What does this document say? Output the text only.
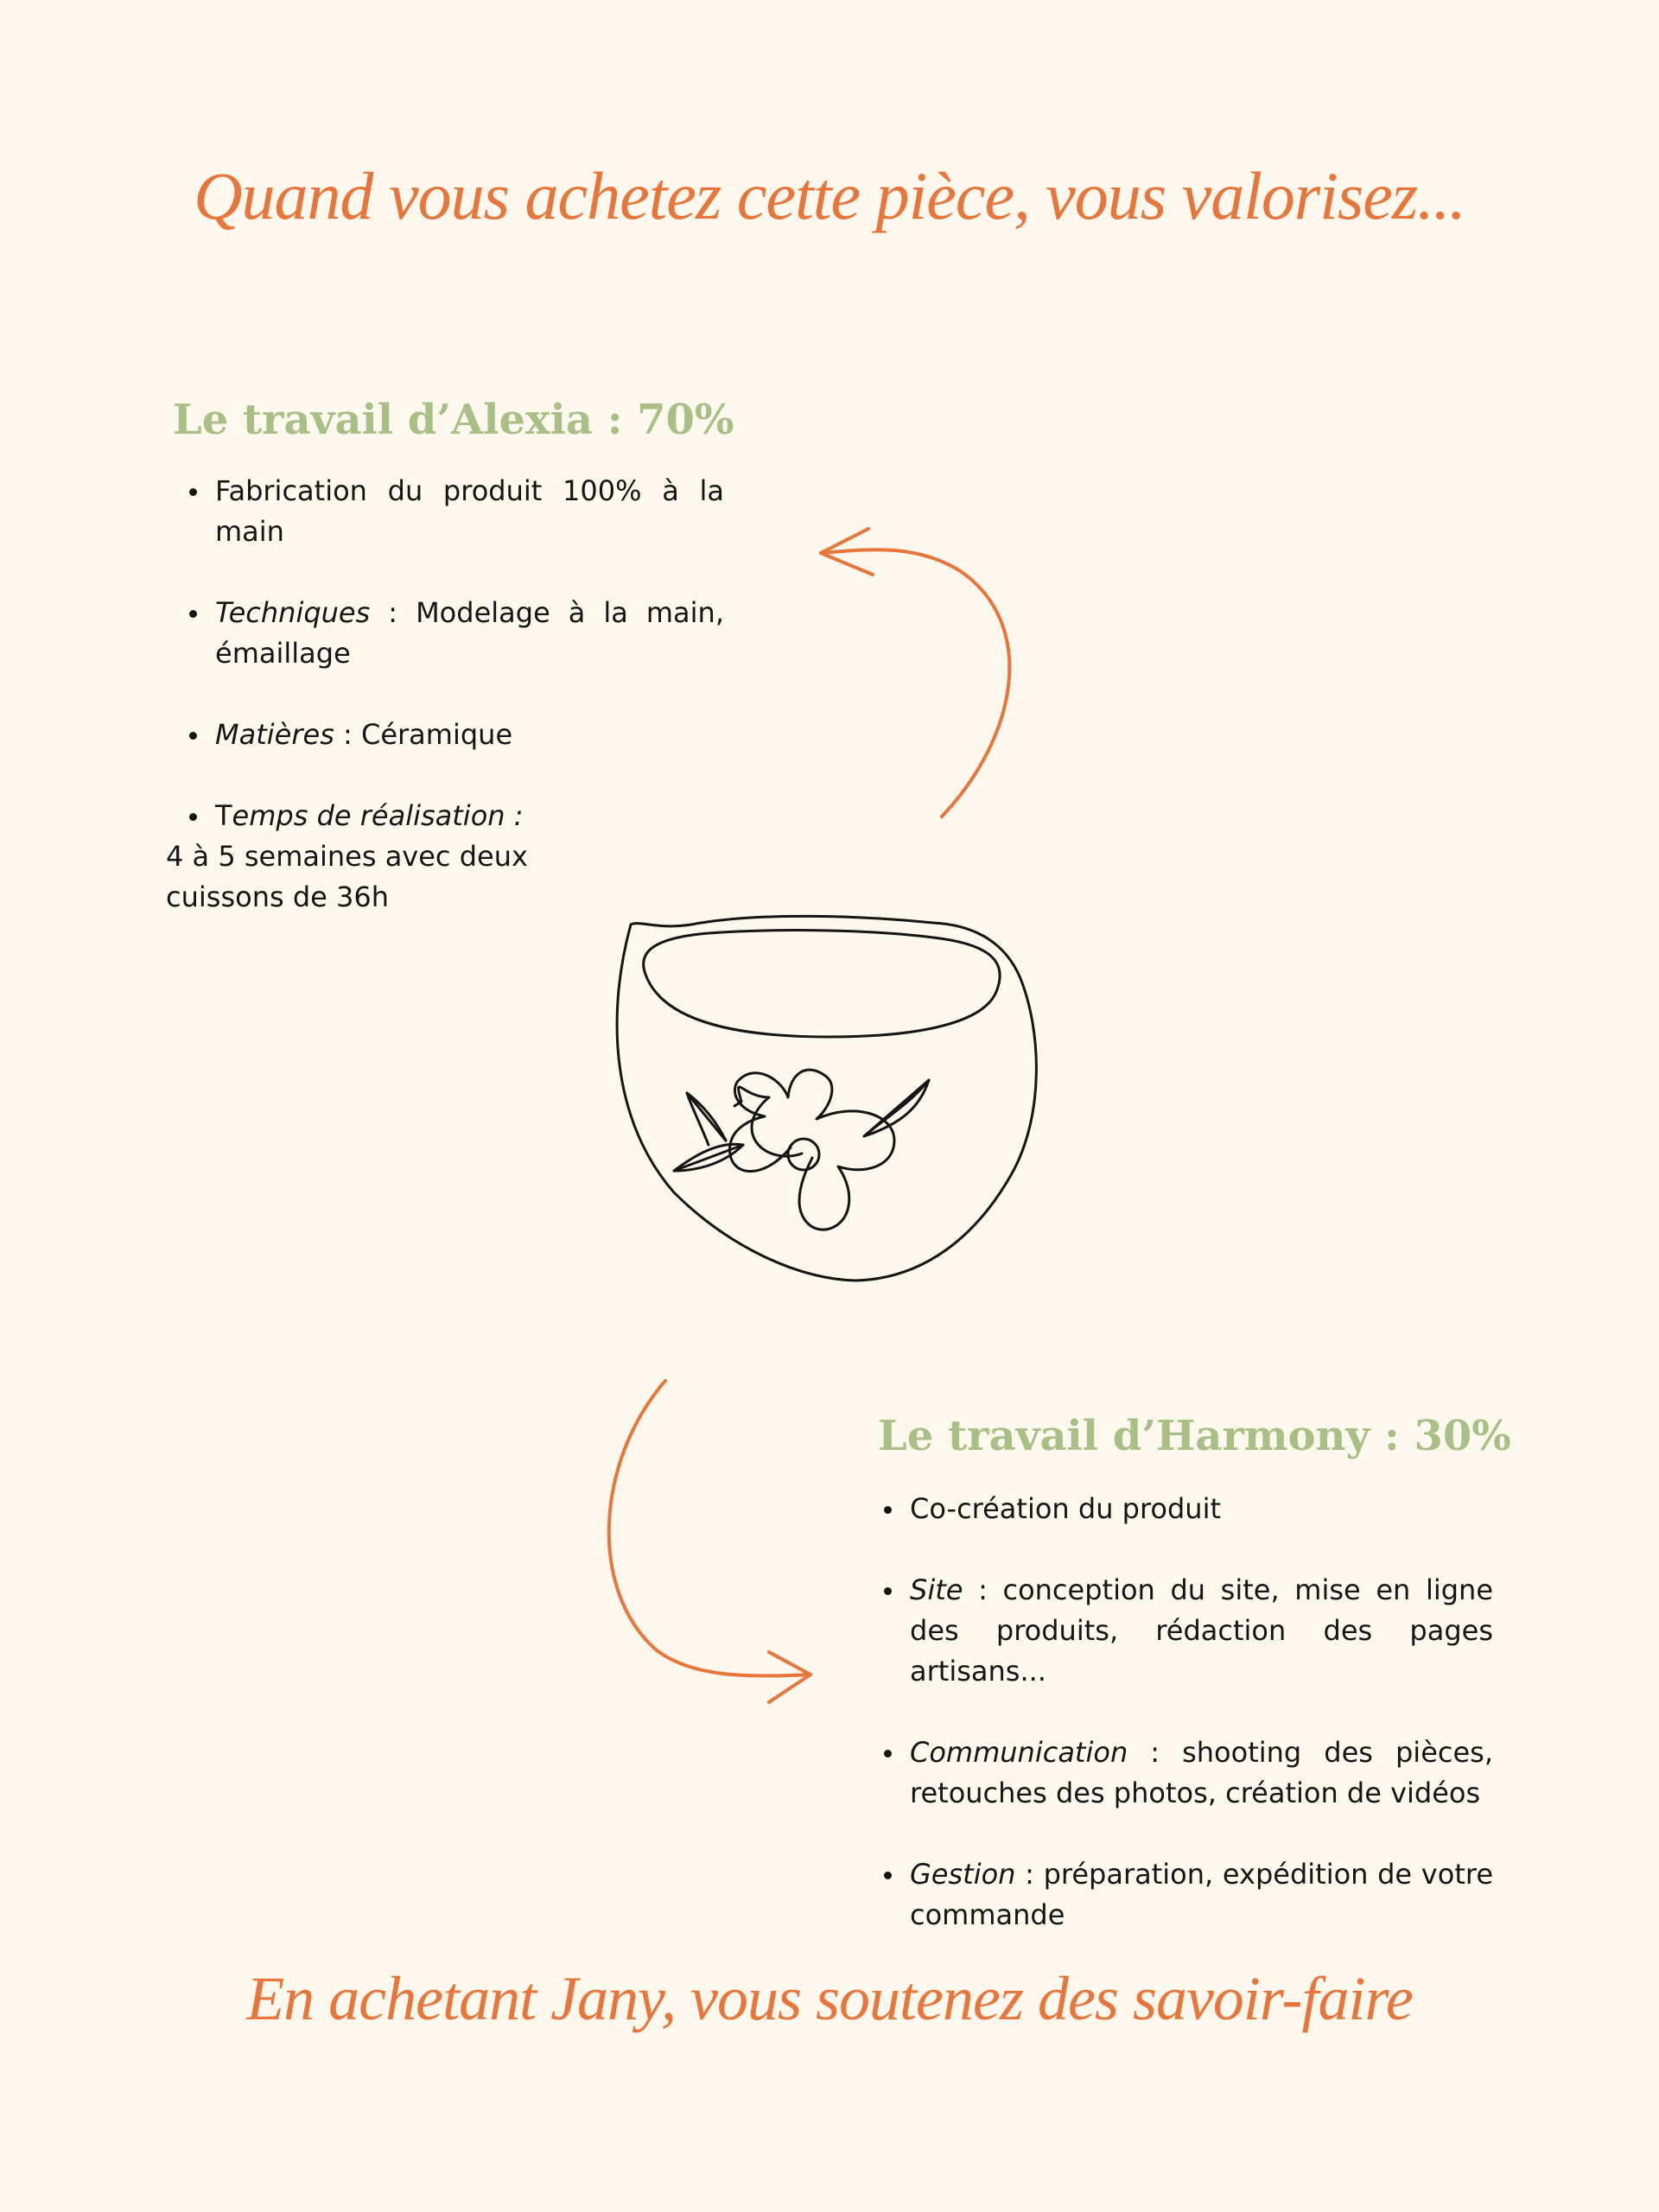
Quand vous achetez cette pièce, vous valorisez...
Le travail d’Alexia : 70%
Fabrication du produit 100% à la main
Techniques : Modelage à la main, émaillage
Matières : Céramique
Temps de réalisation :
4 à 5 semaines avec deux cuissons de 36h
Le travail d’Harmony : 30%
Co-création du produit
Site : conception du site, mise en ligne des produits, rédaction des pages artisans...
Communication : shooting des pièces, retouches des photos, création de vidéos
Gestion : préparation, expédition de votre commande
En achetant Jany, vous soutenez des savoir-faire
